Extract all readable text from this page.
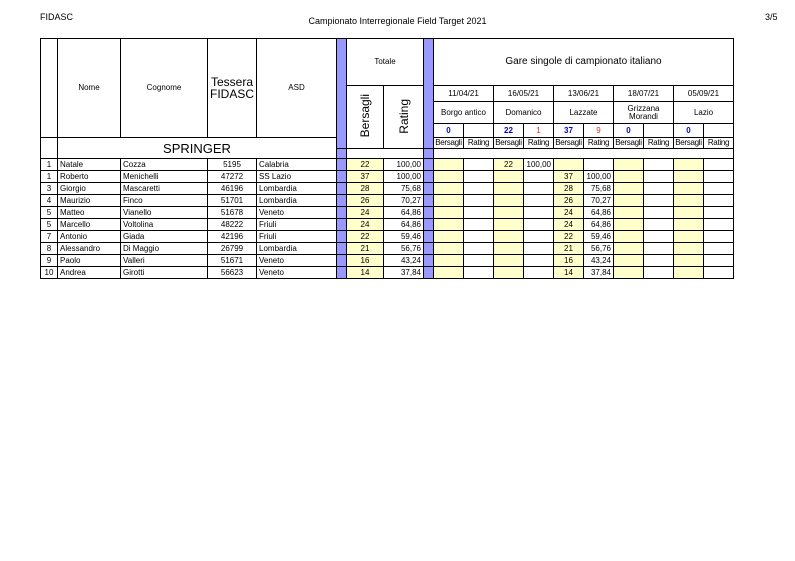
FIDASC	Campionato Interregionale Field Target 2021	3/5
	Nome	Cognome	Tessera
FIDASC	ASD		Totale			Gare singole di campionato italiano									
						Bersagli	Rating		11/04/21		16/05/21		13/06/21		18/07/21		05/09/21	
									Borgo antico		Domanico		Lazzate		Grizzana Morandi		Lazio	
									0		22	1	37	9	0		0	
	SPRINGER								Bersagli	Rating	Bersagli	Rating	Bersagli	Rating	Bersagli	Rating	Bersagli	Rating

1	Natale	Cozza	5195	Calabria		22	100,00				22	100,00						
1	Roberto	Menichelli	47272	SS Lazio		37	100,00						37	100,00				
3	Giorgio	Mascaretti	46196	Lombardia		28	75,68						28	75,68				
4	Maurizio	Finco	51701	Lombardia		26	70,27						26	70,27				
5	Matteo	Vianello	51678	Veneto		24	64,86						24	64,86				
5	Marcello	Voltolina	48222	Friuli		24	64,86						24	64,86				
7	Antonio	Giada	42196	Friuli		22	59,46						22	59,46				
8	Alessandro	Di Maggio	26799	Lombardia		21	56,76						21	56,76				
9	Paolo	Valleri	51671	Veneto		16	43,24						16	43,24				
10	Andrea	Girotti	56623	Veneto		14	37,84						14	37,84				
